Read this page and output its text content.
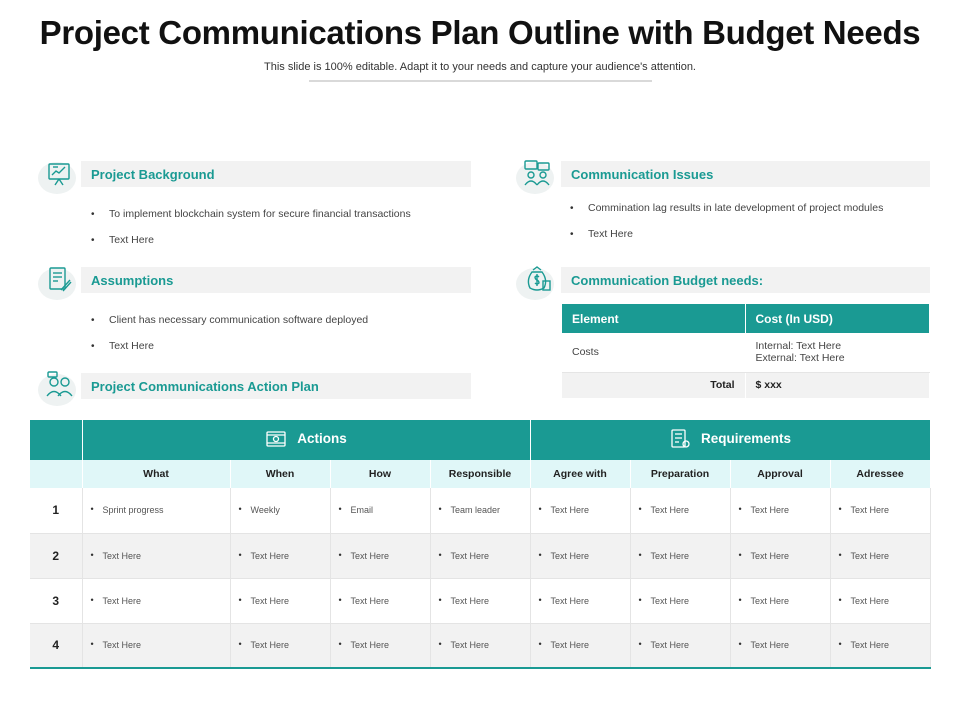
Project Communications Plan Outline with Budget Needs
This slide is 100% editable. Adapt it to your needs and capture your audience's attention.
Project Background
• To implement blockchain system for secure financial transactions
• Text Here
Assumptions
• Client has necessary communication software deployed
• Text Here
Project Communications Action Plan
Communication Issues
• Commination lag results in late development of project modules
• Text Here
Communication Budget needs:
Element	Cost (In USD)
Costs	Internal: Text Here
External: Text Here

Total	$ xxx

	Actions				Requirements			

	What	When	How	Responsible	Agree with	Preparation	Approval	Adressee
1	• Sprint progress	• Weekly	• Email	• Team leader	• Text Here	• Text Here	• Text Here	• Text Here
2	• Text Here	• Text Here	• Text Here	• Text Here	• Text Here	• Text Here	• Text Here	• Text Here
3	• Text Here	• Text Here	• Text Here	• Text Here	• Text Here	• Text Here	• Text Here	• Text Here
4	• Text Here	• Text Here	• Text Here	• Text Here	• Text Here	• Text Here	• Text Here	• Text Here
